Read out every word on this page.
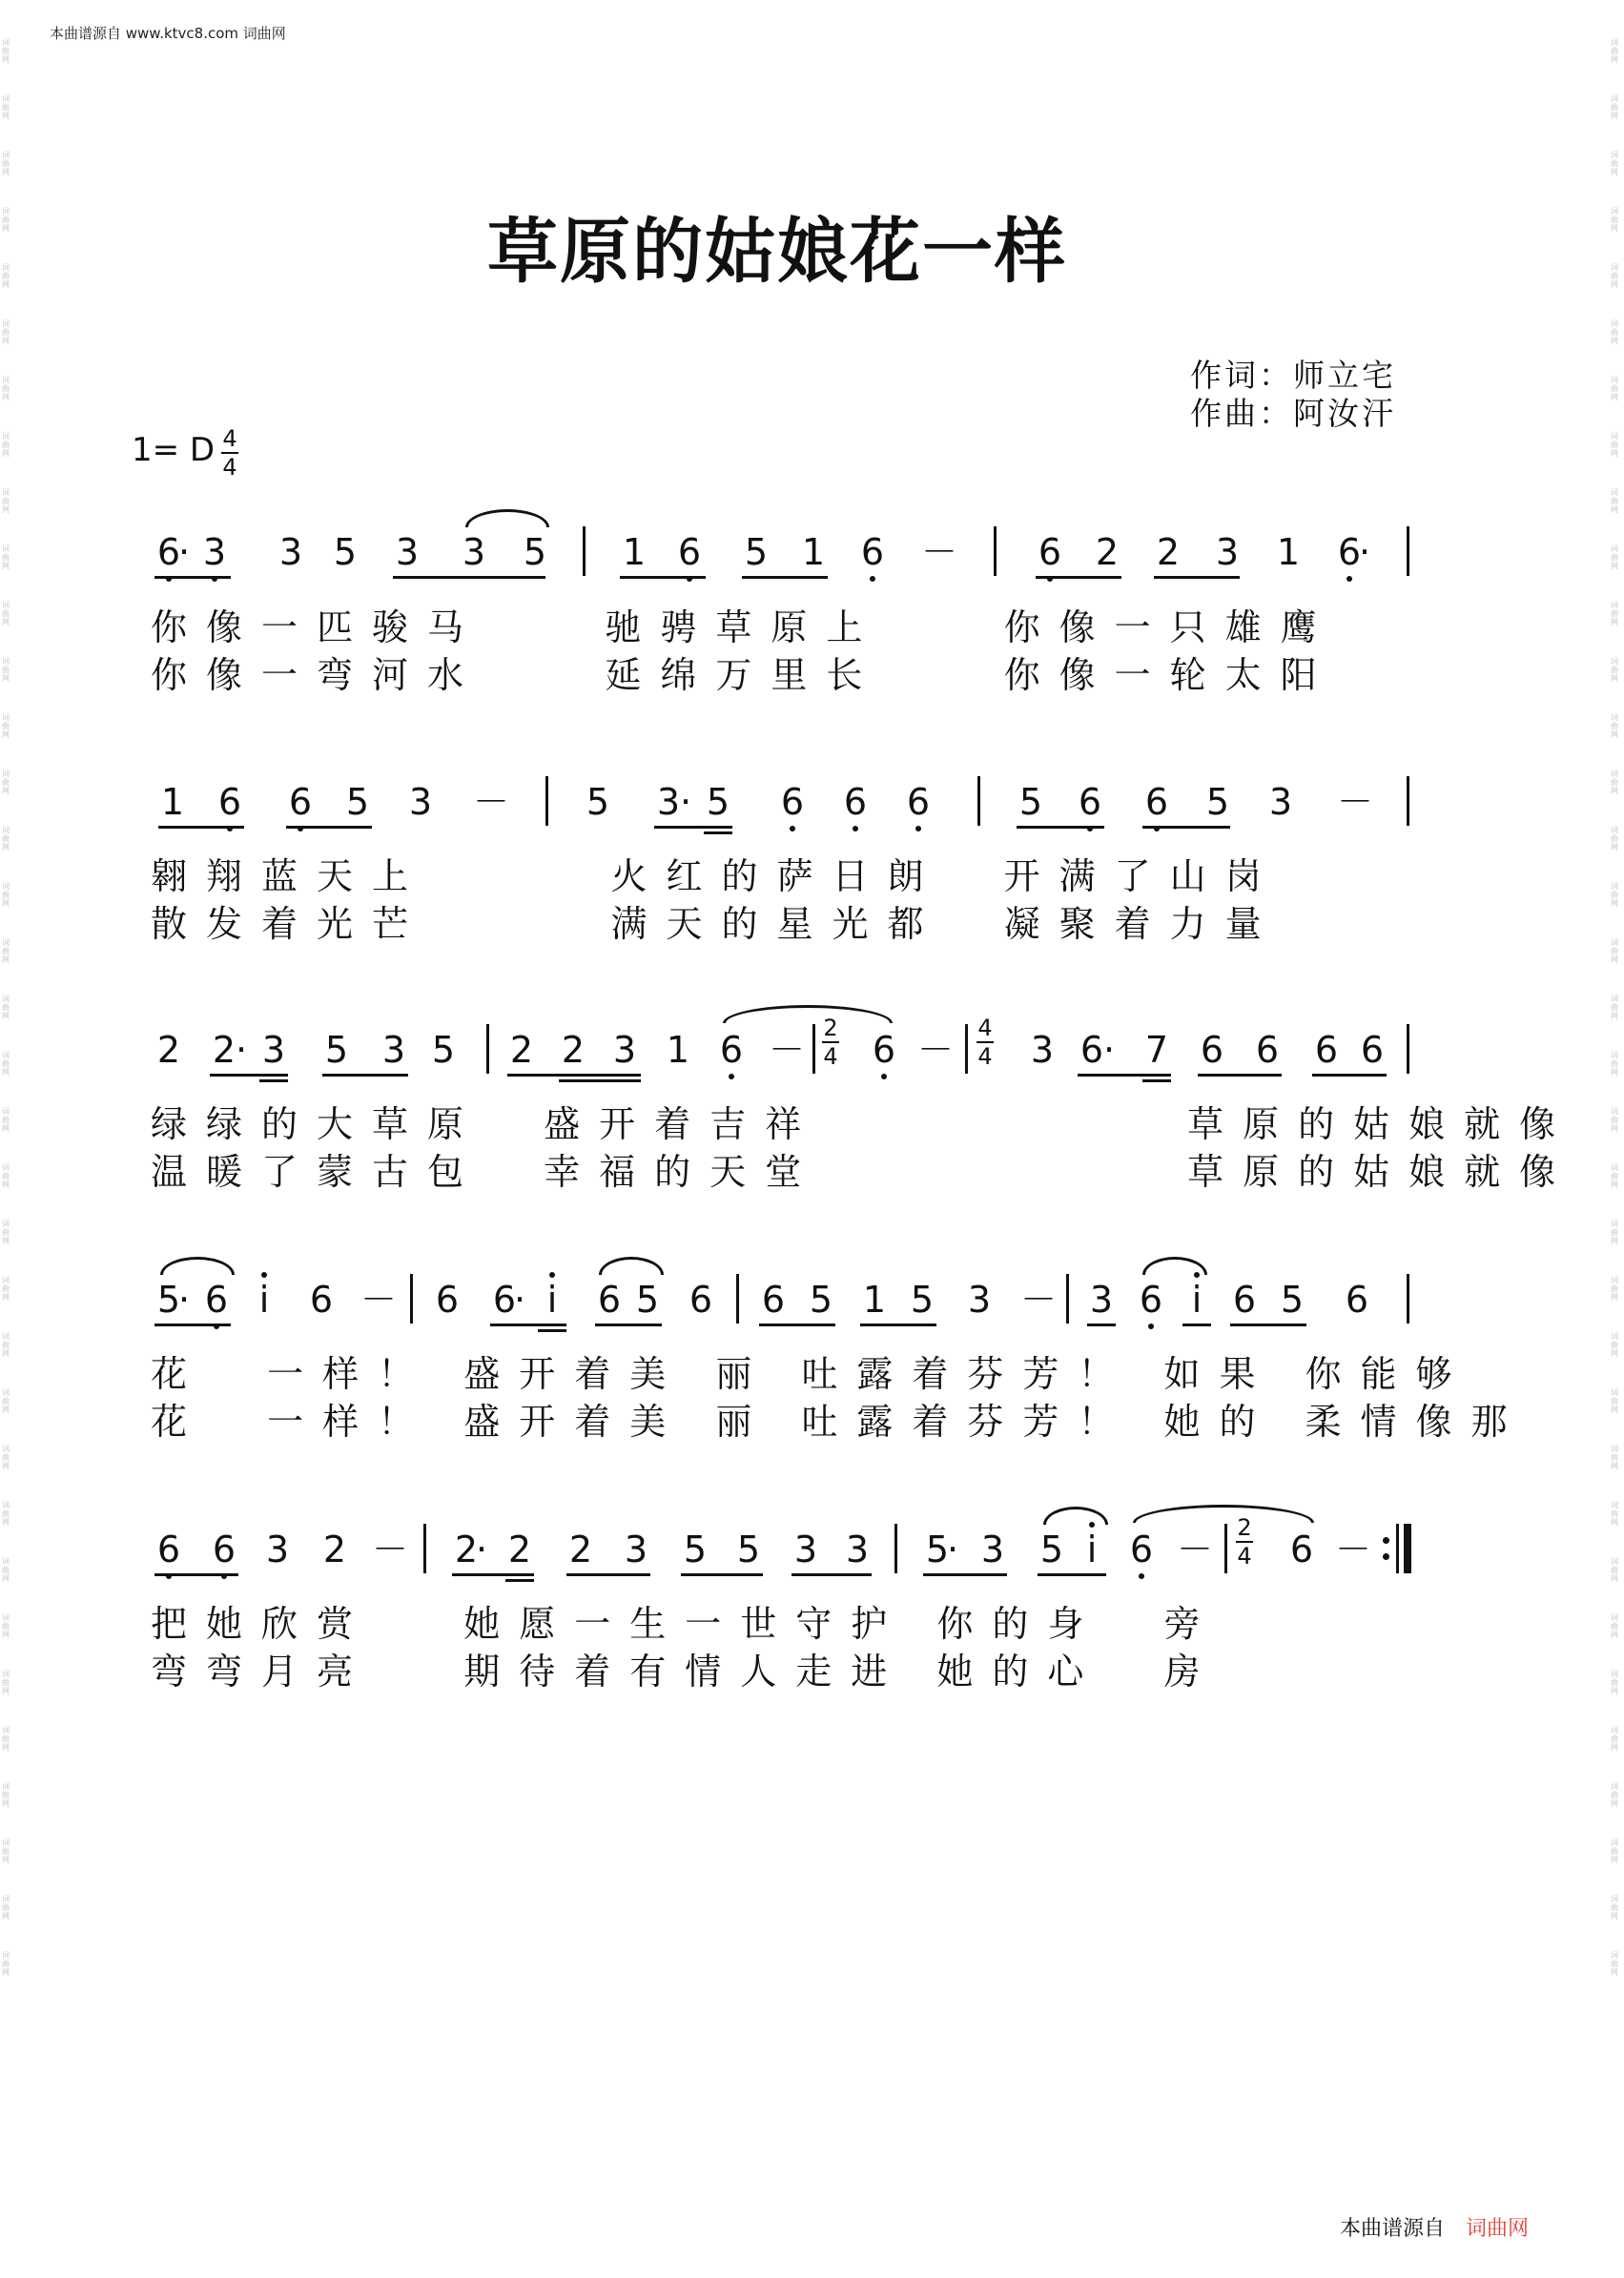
本曲谱源自 www.ktvc8.com 词曲网
词曲网
词曲网
词曲网
词曲网
词曲网
词曲网
词曲网
词曲网
词曲网
词曲网
词曲网
词曲网
词曲网
词曲网
词曲网
词曲网
词曲网
词曲网
词曲网
词曲网
词曲网
词曲网
词曲网
词曲网
词曲网
词曲网
词曲网
词曲网
词曲网
词曲网
词曲网
词曲网
词曲网
词曲网
词曲网
词曲网
词曲网
词曲网
词曲网
词曲网
词曲网
词曲网
词曲网
词曲网
词曲网
词曲网
词曲网
词曲网
词曲网
词曲网
词曲网
词曲网
词曲网
词曲网
词曲网
词曲网
词曲网
词曲网
词曲网
词曲网
词曲网
词曲网
词曲网
词曲网
词曲网
词曲网
词曲网
词曲网
词曲网
词曲网
草原的姑娘花一样
作词：师立宅
作曲：阿汝汗
1= D 4
4
6
· 3 3 5 3 3 5 1 6 5 1 6 － 6 2 2 3 1 6
·
你像一匹骏马    驰骋草原上    你像一只雄鹰
你像一弯河水    延绵万里长    你像一轮太阳
1 6 6 5 3 － 5 3 · 5 6 6 6 5 6 6 5 3 －
翱翔蓝天上      火红的萨日朗  开满了山岗
散发着光芒      满天的星光都  凝聚着力量
2 2 · 3 5 3 5 2 2 3 1 6 －
2
4 6 －
4
4 3 6 · 7 6 6 6 6
绿绿的大草原  盛开着吉祥            草原的姑娘就像
温暖了蒙古包  幸福的天堂            草原的姑娘就像
5
· 6 i 6 － 6 6
· i 6 5 6 6 5 1 5 3 － 3 6 i 6 5 6
花  一样！ 盛开着美 丽 吐露着芬芳！ 如果 你能够
花  一样！ 盛开着美 丽 吐露着芬芳！ 她的 柔情像那
6 6 3 2 － 2
· 2 2 3 5 5 3 3 5
· 3 5 i 6 －
2
4 6 －
把她欣赏   她愿一生一世守护 你的身  旁
弯弯月亮   期待着有情人走进 她的心  房
本曲谱源自 词曲网
